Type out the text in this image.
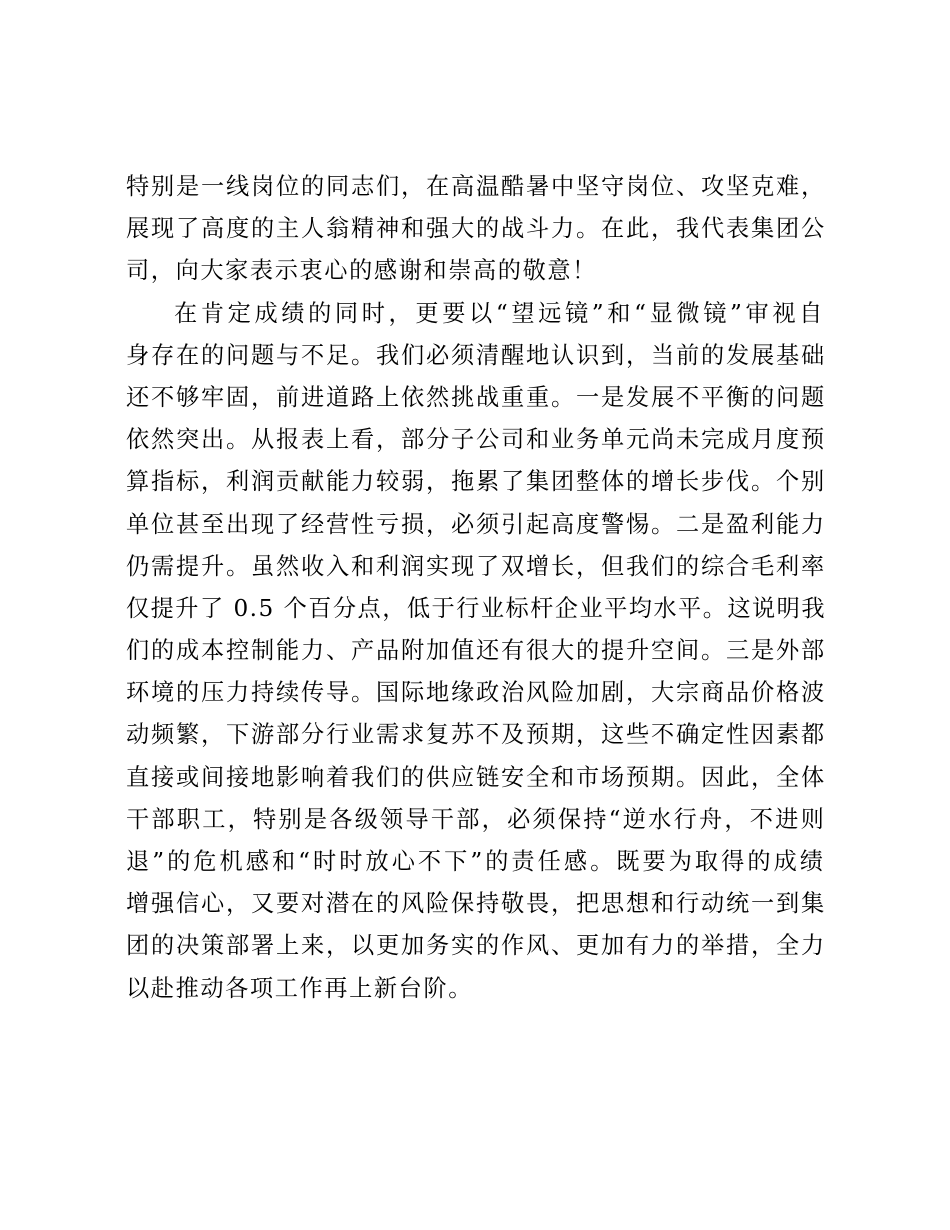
特别是一线岗位的同志们，在高温酷暑中坚守岗位、攻坚克难，
展现了高度的主人翁精神和强大的战斗力。在此，我代表集团公
司，向大家表示衷心的感谢和崇高的敬意！
在肯定成绩的同时，更要以“望远镜”和“显微镜”审视自
身存在的问题与不足。我们必须清醒地认识到，当前的发展基础
还不够牢固，前进道路上依然挑战重重。一是发展不平衡的问题
依然突出。从报表上看，部分子公司和业务单元尚未完成月度预
算指标，利润贡献能力较弱，拖累了集团整体的增长步伐。个别
单位甚至出现了经营性亏损，必须引起高度警惕。二是盈利能力
仍需提升。虽然收入和利润实现了双增长，但我们的综合毛利率
仅提升了 0.5 个百分点，低于行业标杆企业平均水平。这说明我
们的成本控制能力、产品附加值还有很大的提升空间。三是外部
环境的压力持续传导。国际地缘政治风险加剧，大宗商品价格波
动频繁，下游部分行业需求复苏不及预期，这些不确定性因素都
直接或间接地影响着我们的供应链安全和市场预期。因此，全体
干部职工，特别是各级领导干部，必须保持“逆水行舟，不进则
退”的危机感和“时时放心不下”的责任感。既要为取得的成绩
增强信心，又要对潜在的风险保持敬畏，把思想和行动统一到集
团的决策部署上来，以更加务实的作风、更加有力的举措，全力
以赴推动各项工作再上新台阶。
